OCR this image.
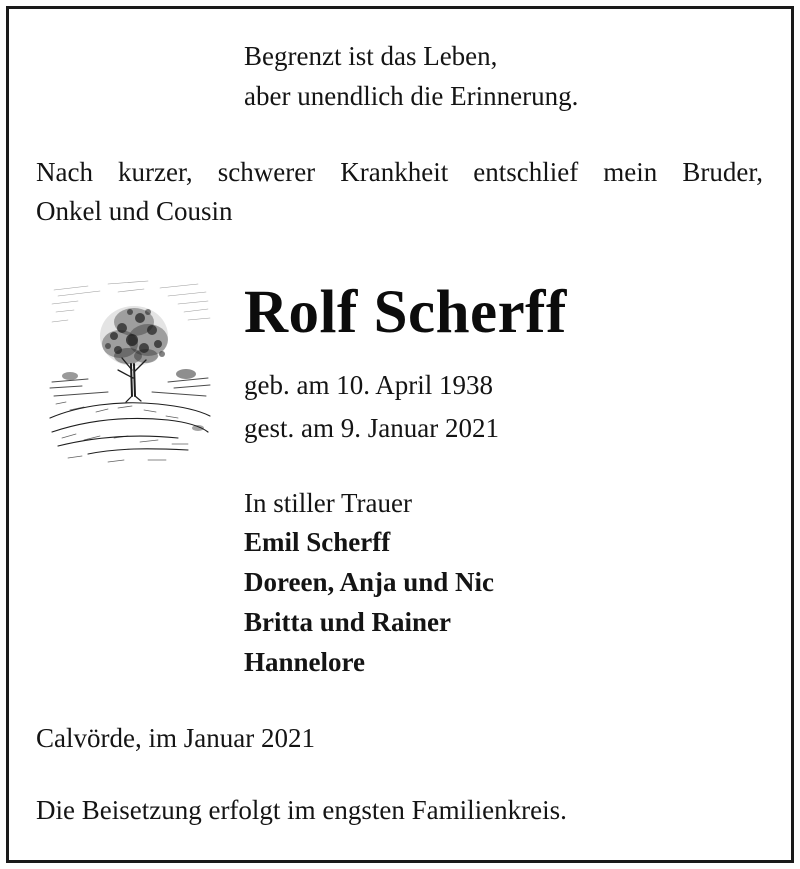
Begrenzt ist das Leben,
aber unendlich die Erinnerung.
Nach kurzer, schwerer Krankheit entschlief mein Bruder,
Onkel und Cousin
Rolf Scherff
geb. am 10. April 1938
gest. am 9. Januar 2021
In stiller Trauer
Emil Scherff
Doreen, Anja und Nic
Britta und Rainer
Hannelore
Calvörde, im Januar 2021
Die Beisetzung erfolgt im engsten Familienkreis.
